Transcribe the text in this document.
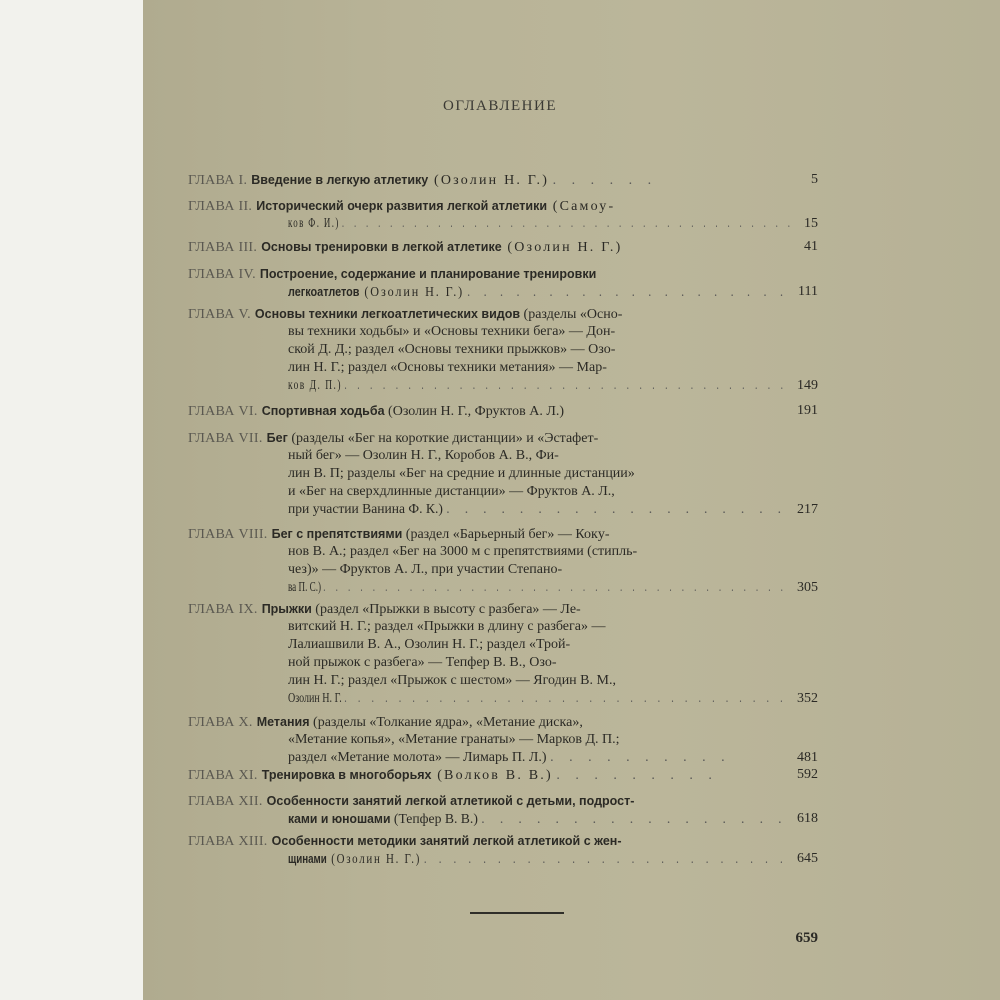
ОГЛАВЛЕНИЕ
ГЛАВА I. Введение в легкую атлетику (Озолин Н. Г.) . . . . . .	5
ГЛАВА II. Исторический очерк развития легкой атлетики (Самоу-
ков Ф. И.) . . . . . . . . . . . . . . . . . . . . . . . . . . . . . . . . . . . . . . 15
ГЛАВА III. Основы тренировки в легкой атлетике (Озолин Н. Г.)	41
ГЛАВА IV. Построение, содержание и планирование тренировки
легкоатлетов (Озолин Н. Г.) . . . . . . . . . . . . . . . . . . . . 111
ГЛАВА V. Основы техники легкоатлетических видов (разделы «Осно-
вы техники ходьбы» и «Основы техники бега» — Дон-
ской Д. Д.; раздел «Основы техники прыжков» — Озо-
лин Н. Г.; раздел «Основы техники метания» — Мар-
ков Д. П.) . . . . . . . . . . . . . . . . . . . . . . . . . . . . . . . . . . . 149
ГЛАВА VI. Спортивная ходьба (Озолин Н. Г., Фруктов А. Л.)	191
ГЛАВА VII. Бег (разделы «Бег на короткие дистанции» и «Эстафет-
ный бег» — Озолин Н. Г., Коробов А. В., Фи-
лин В. П; разделы «Бег на средние и длинные дистанции»
и «Бег на сверхдлинные дистанции» — Фруктов А. Л.,
при участии Ванина Ф. К.) . . . . . . . . . . . . . . . . . . . 217
ГЛАВА VIII. Бег с препятствиями (раздел «Барьерный бег» — Кокy-
нов В. А.; раздел «Бег на 3000 м с препятствиями (стипль-
чез)» — Фруктов А. Л., при участии Степано-
ва П. С.) . . . . . . . . . . . . . . . . . . . . . . . . . . . . . . . . . . . . . . 305
ГЛАВА IX. Прыжки (раздел «Прыжки в высоту с разбега» — Ле-
витский Н. Г.; раздел «Прыжки в длину с разбега» —
Лалиашвили В. А., Озолин Н. Г.; раздел «Трой-
ной прыжок с разбега» — Тепфер В. В., Озо-
лин Н. Г.; раздел «Прыжок с шестом» — Ягодин В. М.,
Озолин Н. Г. . . . . . . . . . . . . . . . . . . . . . . . . . . . . . . . . . 352
ГЛАВА X. Метания (разделы «Толкание ядра», «Метание диска»,
«Метание копья», «Метание гранаты» — Марков Д. П.;
раздел «Метание молота» — Лимарь П. Л.) . . . . . . . . . .	481
ГЛАВА XI. Тренировка в многоборьях (Волков В. В.) . . . . . . . . .	592
ГЛАВА XII. Особенности занятий легкой атлетикой с детьми, подрост-
ками и юношами (Тепфер В. В.) . . . . . . . . . . . . . . . . . 618
ГЛАВА XIII. Особенности методики занятий легкой атлетикой с жен-
щинами (Озолин Н. Г.) . . . . . . . . . . . . . . . . . . . . . . . . . 645
659
